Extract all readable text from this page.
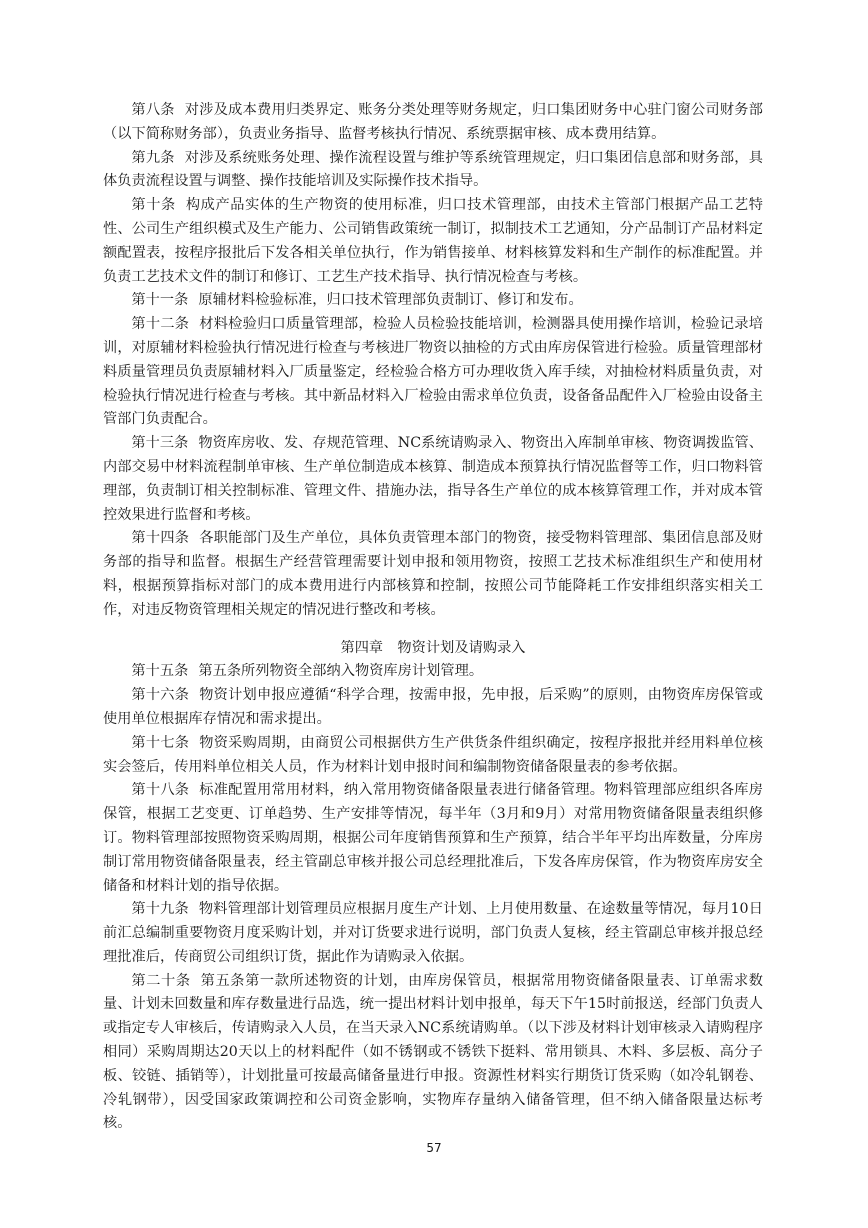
第八条 对涉及成本费用归类界定、账务分类处理等财务规定，归口集团财务中心驻门窗公司财务部（以下简称财务部），负责业务指导、监督考核执行情况、系统票据审核、成本费用结算。

第九条 对涉及系统账务处理、操作流程设置与维护等系统管理规定，归口集团信息部和财务部，具体负责流程设置与调整、操作技能培训及实际操作技术指导。

第十条 构成产品实体的生产物资的使用标准，归口技术管理部，由技术主管部门根据产品工艺特性、公司生产组织模式及生产能力、公司销售政策统一制订，拟制技术工艺通知，分产品制订产品材料定额配置表，按程序报批后下发各相关单位执行，作为销售接单、材料核算发料和生产制作的标准配置。并负责工艺技术文件的制订和修订、工艺生产技术指导、执行情况检查与考核。

第十一条 原辅材料检验标准，归口技术管理部负责制订、修订和发布。

第十二条 材料检验归口质量管理部，检验人员检验技能培训，检测器具使用操作培训，检验记录培训，对原辅材料检验执行情况进行检查与考核进厂物资以抽检的方式由库房保管进行检验。质量管理部材料质量管理员负责原辅材料入厂质量鉴定，经检验合格方可办理收货入库手续，对抽检材料质量负责，对检验执行情况进行检查与考核。其中新品材料入厂检验由需求单位负责，设备备品配件入厂检验由设备主管部门负责配合。

第十三条 物资库房收、发、存规范管理、NC系统请购录入、物资出入库制单审核、物资调拨监管、内部交易中材料流程制单审核、生产单位制造成本核算、制造成本预算执行情况监督等工作，归口物料管理部，负责制订相关控制标准、管理文件、措施办法，指导各生产单位的成本核算管理工作，并对成本管控效果进行监督和考核。

第十四条 各职能部门及生产单位，具体负责管理本部门的物资，接受物料管理部、集团信息部及财务部的指导和监督。根据生产经营管理需要计划申报和领用物资，按照工艺技术标准组织生产和使用材料，根据预算指标对部门的成本费用进行内部核算和控制，按照公司节能降耗工作安排组织落实相关工作，对违反物资管理相关规定的情况进行整改和考核。

第四章　物资计划及请购录入

第十五条 第五条所列物资全部纳入物资库房计划管理。

第十六条 物资计划申报应遵循“科学合理，按需申报，先申报，后采购”的原则，由物资库房保管或使用单位根据库存情况和需求提出。

第十七条 物资采购周期，由商贸公司根据供方生产供货条件组织确定，按程序报批并经用料单位核实会签后，传用料单位相关人员，作为材料计划申报时间和编制物资储备限量表的参考依据。

第十八条 标准配置用常用材料，纳入常用物资储备限量表进行储备管理。物料管理部应组织各库房保管，根据工艺变更、订单趋势、生产安排等情况，每半年（3月和9月）对常用物资储备限量表组织修订。物料管理部按照物资采购周期，根据公司年度销售预算和生产预算，结合半年平均出库数量，分库房制订常用物资储备限量表，经主管副总审核并报公司总经理批准后，下发各库房保管，作为物资库房安全储备和材料计划的指导依据。

第十九条 物料管理部计划管理员应根据月度生产计划、上月使用数量、在途数量等情况，每月10日前汇总编制重要物资月度采购计划，并对订货要求进行说明，部门负责人复核，经主管副总审核并报总经理批准后，传商贸公司组织订货，据此作为请购录入依据。

第二十条 第五条第一款所述物资的计划，由库房保管员，根据常用物资储备限量表、订单需求数量、计划未回数量和库存数量进行品选，统一提出材料计划申报单，每天下午15时前报送，经部门负责人或指定专人审核后，传请购录入人员，在当天录入NC系统请购单。（以下涉及材料计划审核录入请购程序相同）采购周期达20天以上的材料配件（如不锈钢或不锈铁下挺料、常用锁具、木料、多层板、高分子板、铰链、插销等），计划批量可按最高储备量进行申报。资源性材料实行期货订货采购（如冷轧钢卷、冷轧钢带），因受国家政策调控和公司资金影响，实物库存量纳入储备管理，但不纳入储备限量达标考核。

57
